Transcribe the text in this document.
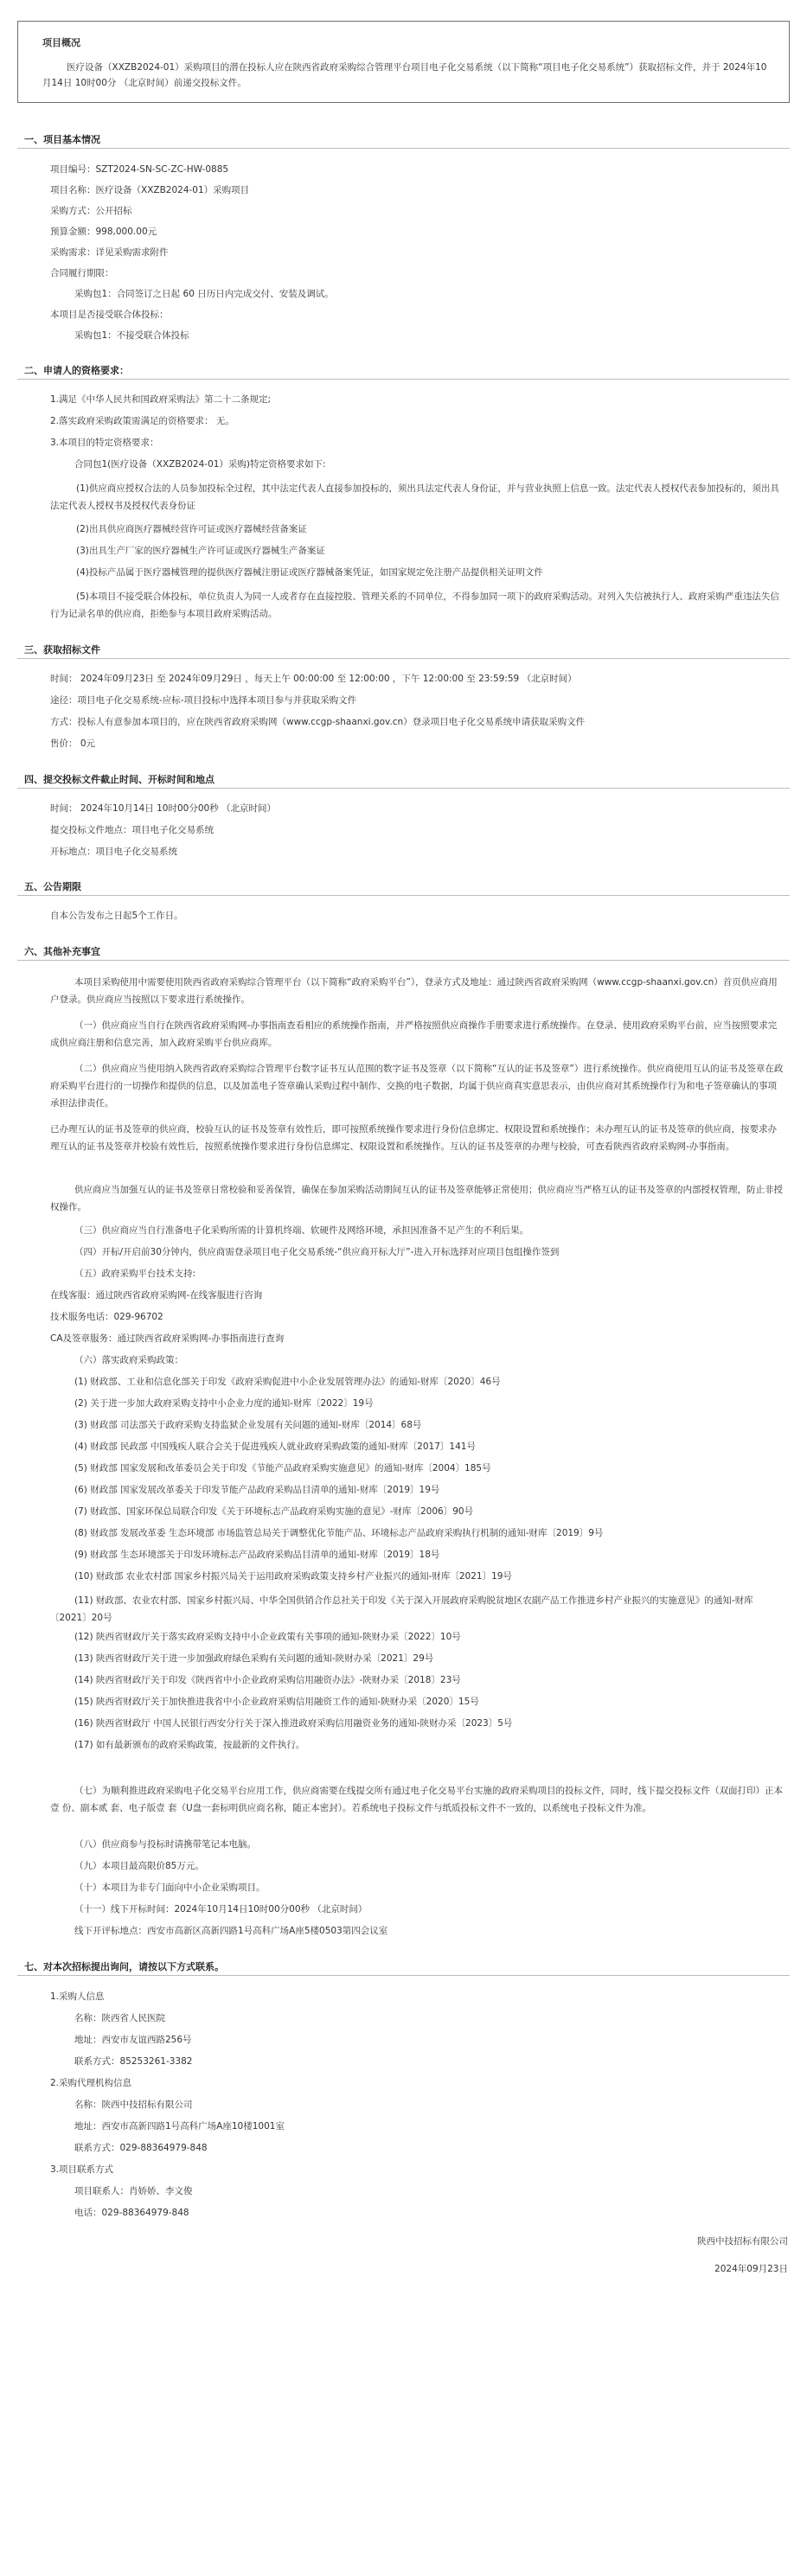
项目概况
医疗设备（XXZB2024-01）采购项目的潜在投标人应在陕西省政府采购综合管理平台项目电子化交易系统（以下简称“项目电子化交易系统”）获取招标文件，并于 2024年10月14日 10时00分 （北京时间）前递交投标文件。
一、项目基本情况
项目编号：SZT2024-SN-SC-ZC-HW-0885
项目名称：医疗设备（XXZB2024-01）采购项目
采购方式：公开招标
预算金额：998,000.00元
采购需求：详见采购需求附件
合同履行期限：
采购包1：合同签订之日起 60 日历日内完成交付、安装及调试。
本项目是否接受联合体投标：
采购包1：不接受联合体投标
二、申请人的资格要求：
1.满足《中华人民共和国政府采购法》第二十二条规定;
2.落实政府采购政策需满足的资格要求： 无。
3.本项目的特定资格要求：
合同包1(医疗设备（XXZB2024-01）采购)特定资格要求如下:
(1)供应商应授权合法的人员参加投标全过程，其中法定代表人直接参加投标的，须出具法定代表人身份证，并与营业执照上信息一致。法定代表人授权代表参加投标的，须出具法定代表人授权书及授权代表身份证
(2)出具供应商医疗器械经营许可证或医疗器械经营备案证
(3)出具生产厂家的医疗器械生产许可证或医疗器械生产备案证
(4)投标产品属于医疗器械管理的提供医疗器械注册证或医疗器械备案凭证，如国家规定免注册产品提供相关证明文件
(5)本项目不接受联合体投标，单位负责人为同一人或者存在直接控股、管理关系的不同单位，不得参加同一项下的政府采购活动。对列入失信被执行人、政府采购严重违法失信行为记录名单的供应商，拒绝参与本项目政府采购活动。
三、获取招标文件
时间： 2024年09月23日 至 2024年09月29日 ，每天上午 00:00:00 至 12:00:00 ，下午 12:00:00 至 23:59:59 （北京时间）
途径：项目电子化交易系统-应标-项目投标中选择本项目参与并获取采购文件
方式：投标人有意参加本项目的，应在陕西省政府采购网（www.ccgp-shaanxi.gov.cn）登录项目电子化交易系统申请获取采购文件
售价： 0元
四、提交投标文件截止时间、开标时间和地点
时间： 2024年10月14日 10时00分00秒 （北京时间）
提交投标文件地点：项目电子化交易系统
开标地点：项目电子化交易系统
五、公告期限
自本公告发布之日起5个工作日。
六、其他补充事宜
本项目采购使用中需要使用陕西省政府采购综合管理平台（以下简称“政府采购平台”），登录方式及地址：通过陕西省政府采购网（www.ccgp-shaanxi.gov.cn）首页供应商用户登录。供应商应当按照以下要求进行系统操作。
（一）供应商应当自行在陕西省政府采购网-办事指南查看相应的系统操作指南，并严格按照供应商操作手册要求进行系统操作。在登录、使用政府采购平台前，应当按照要求完成供应商注册和信息完善，加入政府采购平台供应商库。
（二）供应商应当使用纳入陕西省政府采购综合管理平台数字证书互认范围的数字证书及签章（以下简称“互认的证书及签章”）进行系统操作。供应商使用互认的证书及签章在政府采购平台进行的一切操作和提供的信息，以及加盖电子签章确认采购过程中制作、交换的电子数据，均属于供应商真实意思表示，由供应商对其系统操作行为和电子签章确认的事项承担法律责任。
已办理互认的证书及签章的供应商，校验互认的证书及签章有效性后，即可按照系统操作要求进行身份信息绑定、权限设置和系统操作；未办理互认的证书及签章的供应商，按要求办理互认的证书及签章并校验有效性后，按照系统操作要求进行身份信息绑定、权限设置和系统操作。互认的证书及签章的办理与校验，可查看陕西省政府采购网-办事指南。
供应商应当加强互认的证书及签章日常校验和妥善保管，确保在参加采购活动期间互认的证书及签章能够正常使用；供应商应当严格互认的证书及签章的内部授权管理，防止非授权操作。
（三）供应商应当自行准备电子化采购所需的计算机终端、软硬件及网络环境，承担因准备不足产生的不利后果。
（四）开标/开启前30分钟内，供应商需登录项目电子化交易系统-“供应商开标大厅”-进入开标选择对应项目包组操作签到
（五）政府采购平台技术支持:
在线客服：通过陕西省政府采购网-在线客服进行咨询
技术服务电话：029-96702
CA及签章服务：通过陕西省政府采购网-办事指南进行查询
（六）落实政府采购政策：
(1) 财政部、工业和信息化部关于印发《政府采购促进中小企业发展管理办法》的通知-财库〔2020〕46号
(2) 关于进一步加大政府采购支持中小企业力度的通知-财库〔2022〕19号
(3) 财政部 司法部关于政府采购支持监狱企业发展有关问题的通知-财库〔2014〕68号
(4) 财政部 民政部 中国残疾人联合会关于促进残疾人就业政府采购政策的通知-财库〔2017〕141号
(5) 财政部 国家发展和改革委员会关于印发《节能产品政府采购实施意见》的通知-财库〔2004〕185号
(6) 财政部 国家发展改革委关于印发节能产品政府采购品目清单的通知-财库〔2019〕19号
(7) 财政部、国家环保总局联合印发《关于环境标志产品政府采购实施的意见》-财库〔2006〕90号
(8) 财政部 发展改革委 生态环境部 市场监管总局关于调整优化节能产品、环境标志产品政府采购执行机制的通知-财库〔2019〕9号
(9) 财政部 生态环境部关于印发环境标志产品政府采购品目清单的通知-财库〔2019〕18号
(10) 财政部 农业农村部 国家乡村振兴局关于运用政府采购政策支持乡村产业振兴的通知-财库〔2021〕19号
(11) 财政部、农业农村部、国家乡村振兴局、中华全国供销合作总社关于印发《关于深入开展政府采购脱贫地区农副产品工作推进乡村产业振兴的实施意见》的通知-财库〔2021〕20号
(12) 陕西省财政厅关于落实政府采购支持中小企业政策有关事项的通知-陕财办采〔2022〕10号
(13) 陕西省财政厅关于进一步加强政府绿色采购有关问题的通知-陕财办采〔2021〕29号
(14) 陕西省财政厅关于印发《陕西省中小企业政府采购信用融资办法》-陕财办采〔2018〕23号
(15) 陕西省财政厅关于加快推进我省中小企业政府采购信用融资工作的通知-陕财办采〔2020〕15号
(16) 陕西省财政厅 中国人民银行西安分行关于深入推进政府采购信用融资业务的通知-陕财办采〔2023〕5号
(17) 如有最新颁布的政府采购政策，按最新的文件执行。
（七）为顺利推进政府采购电子化交易平台应用工作，供应商需要在线提交所有通过电子化交易平台实施的政府采购项目的投标文件，同时，线下提交投标文件（双面打印）正本 壹 份、副本贰 套、电子版壹 套（U盘一套标明供应商名称，随正本密封）。若系统电子投标文件与纸质投标文件不一致的，以系统电子投标文件为准。
（八）供应商参与投标时请携带笔记本电脑。
（九）本项目最高限价85万元。
（十）本项目为非专门面向中小企业采购项目。
（十一）线下开标时间：2024年10月14日10时00分00秒 （北京时间）
线下开评标地点：西安市高新区高新四路1号高科广场A座5楼0503第四会议室
七、对本次招标提出询问，请按以下方式联系。
1.采购人信息
名称：陕西省人民医院
地址：西安市友谊西路256号
联系方式：85253261-3382
2.采购代理机构信息
名称：陕西中技招标有限公司
地址：西安市高新四路1号高科广场A座10楼1001室
联系方式：029-88364979-848
3.项目联系方式
项目联系人：肖娇娇、李文俊
电话：029-88364979-848
陕西中技招标有限公司
2024年09月23日
